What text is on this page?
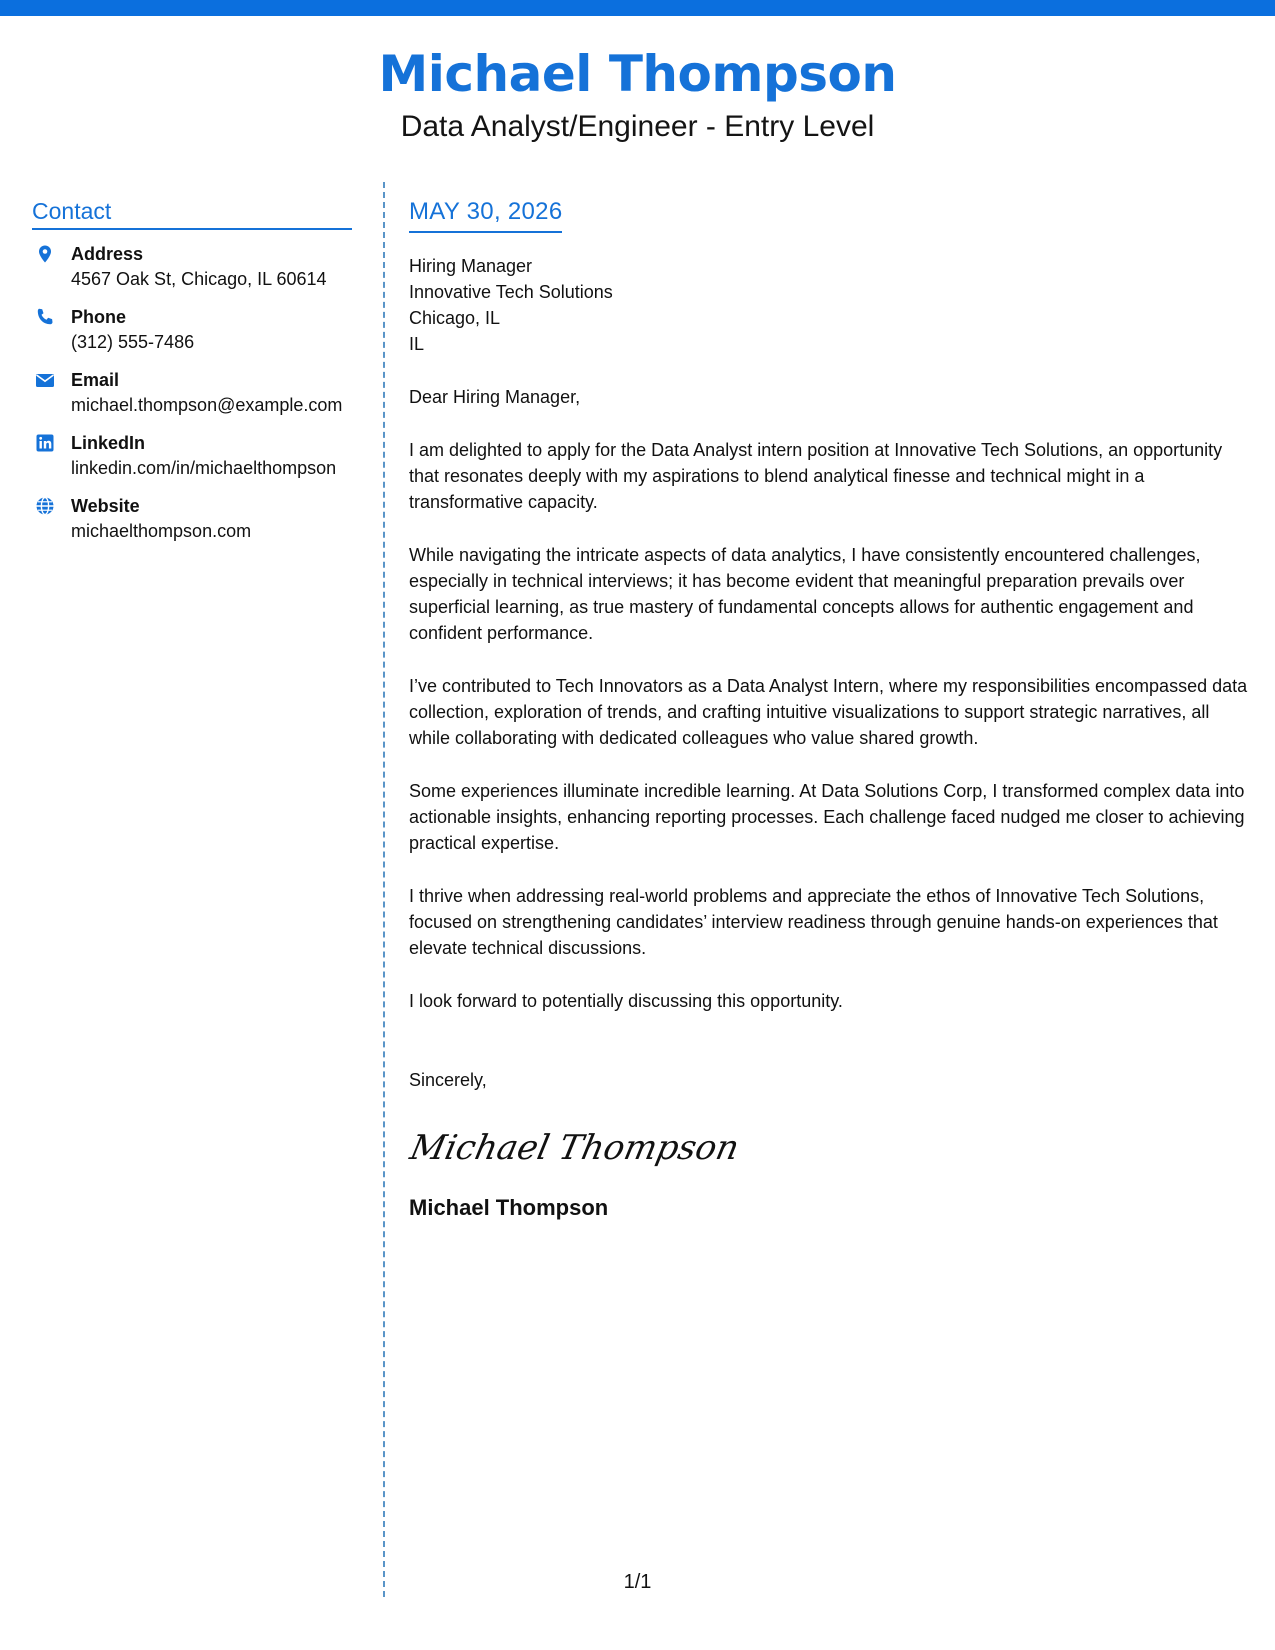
Michael Thompson
Data Analyst/Engineer - Entry Level
Contact
Address
4567 Oak St, Chicago, IL 60614
Phone
(312) 555-7486
Email
michael.thompson@example.com
LinkedIn
linkedin.com/in/michaelthompson
Website
michaelthompson.com
MAY 30, 2026
Hiring Manager
Innovative Tech Solutions
Chicago, IL
IL
Dear Hiring Manager,
I am delighted to apply for the Data Analyst intern position at Innovative Tech Solutions, an opportunity that resonates deeply with my aspirations to blend analytical finesse and technical might in a transformative capacity.
While navigating the intricate aspects of data analytics, I have consistently encountered challenges, especially in technical interviews; it has become evident that meaningful preparation prevails over superficial learning, as true mastery of fundamental concepts allows for authentic engagement and confident performance.
I’ve contributed to Tech Innovators as a Data Analyst Intern, where my responsibilities encompassed data collection, exploration of trends, and crafting intuitive visualizations to support strategic narratives, all while collaborating with dedicated colleagues who value shared growth.
Some experiences illuminate incredible learning. At Data Solutions Corp, I transformed complex data into actionable insights, enhancing reporting processes. Each challenge faced nudged me closer to achieving practical expertise.
I thrive when addressing real-world problems and appreciate the ethos of Innovative Tech Solutions, focused on strengthening candidates’ interview readiness through genuine hands-on experiences that elevate technical discussions.
I look forward to potentially discussing this opportunity.
Sincerely,
Michael Thompson
Michael Thompson
1/1
